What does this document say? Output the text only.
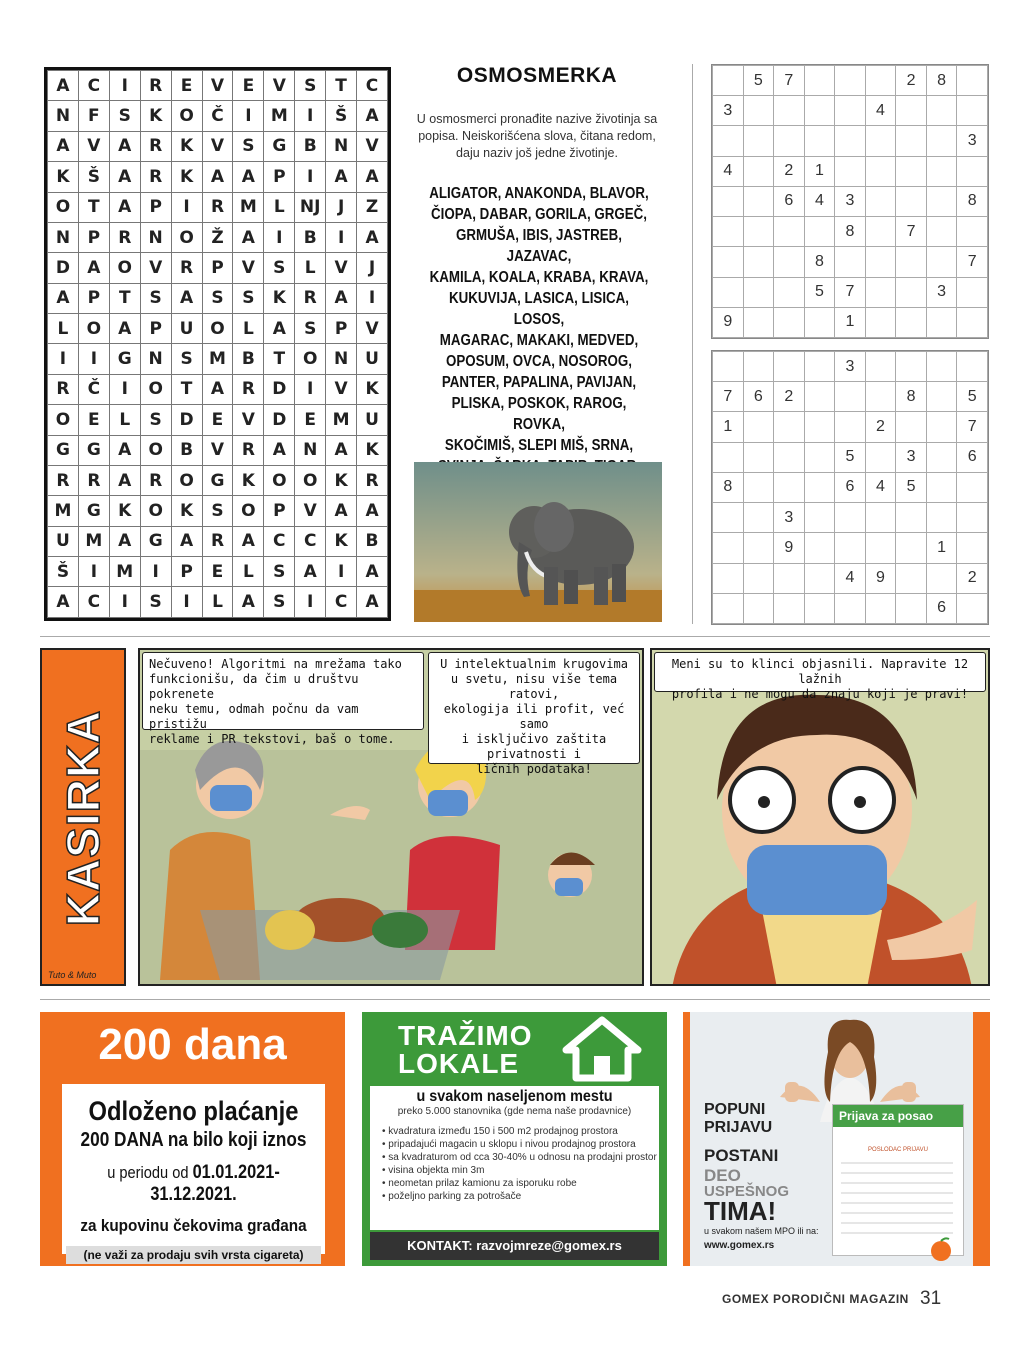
A	C	I	R	E	V	E	V	S	T	C
N	F	S	K	O	Č	I	M	I	Š	A
A	V	A	R	K	V	S	G	B	N	V
K	Š	A	R	K	A	A	P	I	A	A
O	T	A	P	I	R	M	L	NJ	J	Z
N	P	R	N	O	Ž	A	I	B	I	A
D	A	O	V	R	P	V	S	L	V	J
A	P	T	S	A	S	S	K	R	A	I
L	O	A	P	U	O	L	A	S	P	V
I	I	G	N	S	M	B	T	O	N	U
R	Č	I	O	T	A	R	D	I	V	K
O	E	L	S	D	E	V	D	E	M	U
G	G	A	O	B	V	R	A	N	A	K
R	R	A	R	O	G	K	O	O	K	R
M	G	K	O	K	S	O	P	V	A	A
U	M	A	G	A	R	A	C	C	K	B
Š	I	M	I	P	E	L	S	A	I	A
A	C	I	S	I	L	A	S	I	C	A
OSMOSMERKA
U osmosmerci pronađite nazive životinja sa popisa. Neiskorišćena slova, čitana redom, daju naziv još jedne životinje.
ALIGATOR, ANAKONDA, BLAVOR,
ČIOPA, DABAR, GORILA, GRGEČ,
GRMUŠA, IBIS, JASTREB, JAZAVAC,
KAMILA, KOALA, KRABA, KRAVA,
KUKUVIJA, LASICA, LISICA, LOSOS,
MAGARAC, MAKAKI, MEDVED,
OPOSUM, OVCA, NOSOROG,
PANTER, PAPALINA, PAVIJAN,
PLISKA, POSKOK, RAROG, ROVKA,
SKOČIMIŠ, SLEPI MIŠ, SRNA,
	5	7				2	8	
3					4			
								3
4		2	1					
		6	4	3				8
				8		7		
			8					7
			5	7			3	
9				1				
				3				
7	6	2				8		5
1					2			7
				5		3		6
8				6	4	5		
		3						
		9					1	
				4	9			2
							6	
KASIRKA
Tuto & Muto
Nečuveno! Algoritmi na mrežama tako
funkcionišu, da čim u društvu pokrenete
neku temu, odmah počnu da vam pristižu
reklame i PR tekstovi, baš o tome.
U intelektualnim krugovima
u svetu, nisu više tema ratovi,
ekologija ili profit, već samo
i isključivo zaštita
privatnosti i
ličnih podataka!
Meni su to klinci objasnili. Napravite 12 lažnih
profila i ne mogu da znaju koji je pravi!
200 dana
Odloženo plaćanje
200 DANA na bilo koji iznos
u periodu od 01.01.2021-31.12.2021.
za kupovinu čekovima građana
(ne važi za prodaju svih vrsta cigareta)
TRAŽIMO
LOKALE
u svakom naseljenom mestu
preko 5.000 stanovnika (gde nema naše prodavnice)
• kvadratura između 150 i 500 m2 prodajnog prostora
• pripadajući magacin u sklopu i nivou prodajnog prostora
• sa kvadraturom od cca 30-40% u odnosu na prodajni prostor
• visina objekta min 3m
• neometan prilaz kamionu za isporuku robe
• poželjno parking za potrošače
KONTAKT: razvojmreze@gomex.rs
POPUNI
PRIJAVU
POSTANI
DEO
USPEŠNOG
TIMA!
u svakom našem MPO ili na:
www.gomex.rs
Prijava za posao
POSLODAC PRIJAVU
GOMEX PORODIČNI MAGAZIN 31
